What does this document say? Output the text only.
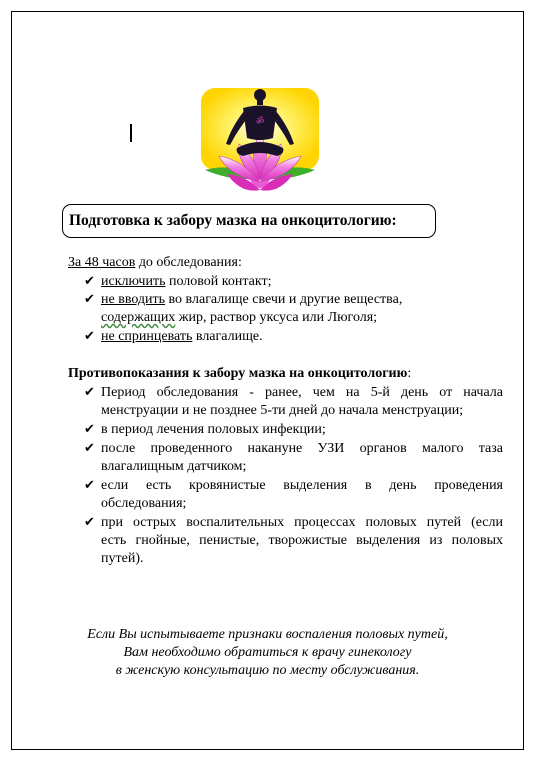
ॐ
Подготовка к забору мазка на онкоцитологию:
За 48 часов до обследования:
✔ исключить половой контакт;
✔ не вводить во влагалище свечи и другие вещества,
содержащих жир, раствор уксуса или Люголя;
✔ не спринцевать влагалище.
Противопоказания к забору мазка на онкоцитологию:
✔ Период обследования - ранее, чем на 5-й день от начала
менструации и не позднее 5-ти дней до начала менструации;
✔ в период лечения половых инфекции;
✔ после проведенного накануне УЗИ органов малого таза
влагалищным датчиком;
✔ если есть кровянистые выделения в день проведения
обследования;
✔ при острых воспалительных процессах половых путей (если
есть гнойные, пенистые, творожистые выделения из половых
путей).
Если Вы испытываете признаки воспаления половых путей,
Вам необходимо обратиться к врачу гинекологу
в женскую консультацию по месту обслуживания.
